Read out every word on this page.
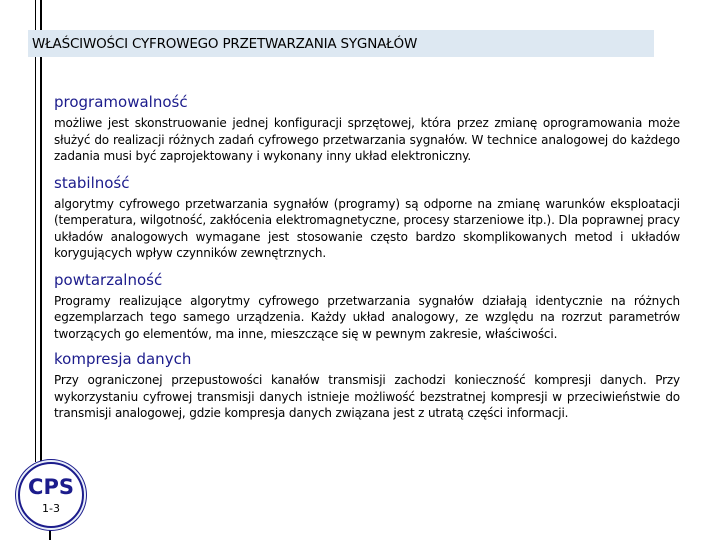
WŁAŚCIWOŚCI CYFROWEGO PRZETWARZANIA SYGNAŁÓW

programowalność

możliwe jest skonstruowanie jednej konfiguracji sprzętowej, która przez zmianę oprogramowania może służyć do realizacji różnych zadań cyfrowego przetwarzania sygnałów. W technice analogowej do każdego zadania musi być zaprojektowany i wykonany inny układ elektroniczny.

stabilność

algorytmy cyfrowego przetwarzania sygnałów (programy) są odporne na zmianę warunków eksploatacji (temperatura, wilgotność, zakłócenia elektromagnetyczne, procesy starzeniowe itp.). Dla poprawnej pracy układów analogowych wymagane jest stosowanie często bardzo skomplikowanych metod i układów korygujących wpływ czynników zewnętrznych.

powtarzalność

Programy realizujące algorytmy cyfrowego przetwarzania sygnałów działają identycznie na różnych egzemplarzach tego samego urządzenia. Każdy układ analogowy, ze względu na rozrzut parametrów tworzących go elementów, ma inne, mieszczące się w pewnym zakresie, właściwości.

kompresja danych

Przy ograniczonej przepustowości kanałów transmisji zachodzi konieczność kompresji danych. Przy wykorzystaniu cyfrowej transmisji danych istnieje możliwość bezstratnej kompresji w przeciwieństwie do transmisji analogowej, gdzie kompresja danych związana jest z utratą części informacji.

CPS
1-3
